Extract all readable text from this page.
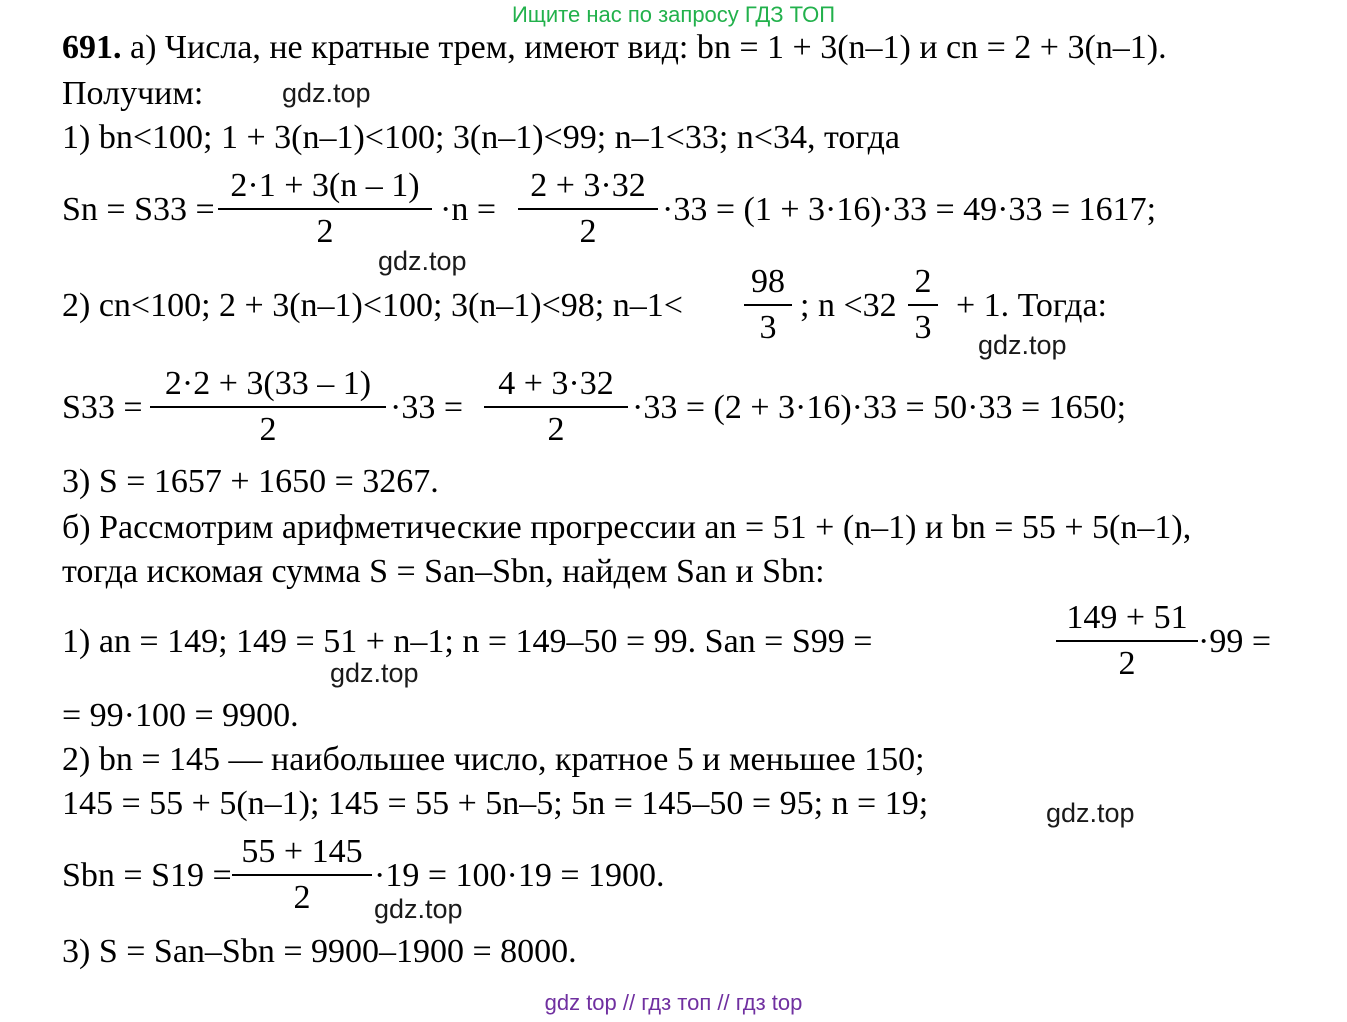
Ищите нас по запросу ГДЗ ТОП
691. а) Числа, не кратные трем, имеют вид: bn = 1 + 3(n–1) и cn = 2 + 3(n–1).
Получим:	gdz.top
1) bn<100; 1 + 3(n–1)<100; 3(n–1)<99; n–1<33; n<34, тогда
Sn = S33 =
2·1 + 3(n – 1)
2
·n =
2 + 3·32
2
·33 = (1 + 3·16)·33 = 49·33 = 1617;
gdz.top
2) cn<100; 2 + 3(n–1)<100; 3(n–1)<98; n–1<
98
3
; n <32
2
3
+ 1. Тогда:
gdz.top
S33 =
2·2 + 3(33 – 1)
2
·33 =
4 + 3·32
2
·33 = (2 + 3·16)·33 = 50·33 = 1650;
3) S = 1657 + 1650 = 3267.
б) Рассмотрим арифметические прогрессии an = 51 + (n–1) и bn = 55 + 5(n–1),
тогда искомая сумма S = San–Sbn, найдем San и Sbn:
1) an = 149; 149 = 51 + n–1; n = 149–50 = 99. San = S99 =
149 + 51
2
·99 =
gdz.top
= 99·100 = 9900.
2) bn = 145 — наибольшее число, кратное 5 и меньшее 150;
145 = 55 + 5(n–1); 145 = 55 + 5n–5; 5n = 145–50 = 95; n = 19;	gdz.top
Sbn = S19 =
55 + 145
2
·19 = 100·19 = 1900.
gdz.top
3) S = San–Sbn = 9900–1900 = 8000.
gdz top // гдз топ // гдз top
